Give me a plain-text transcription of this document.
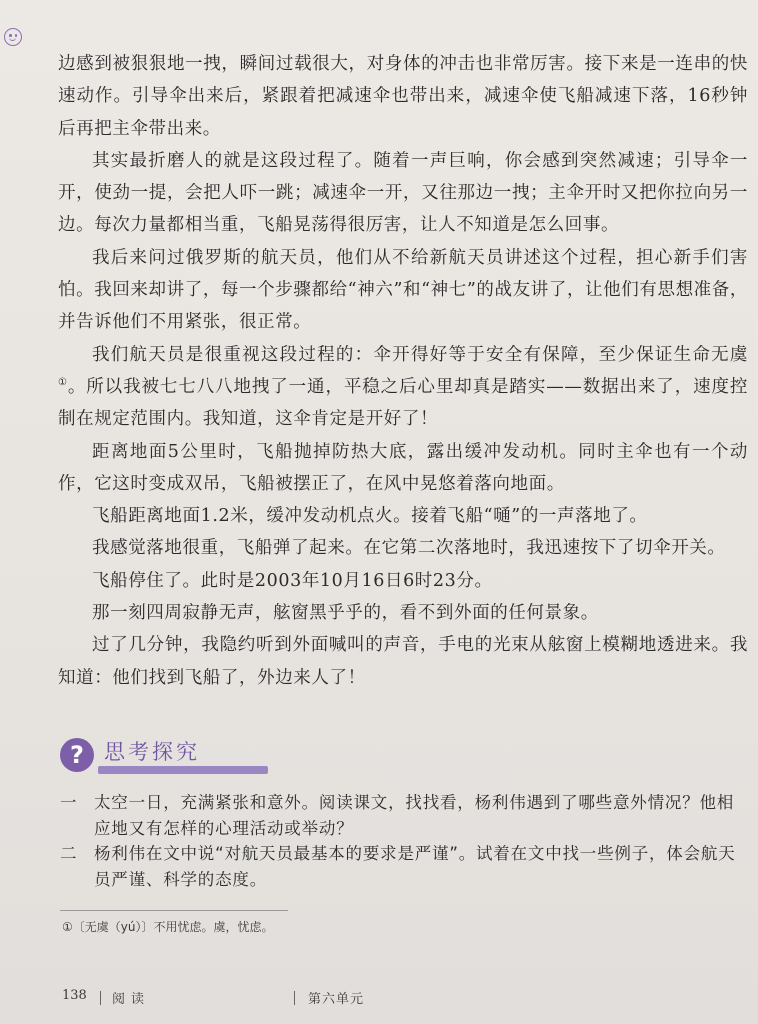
边感到被狠狠地一拽，瞬间过载很大，对身体的冲击也非常厉害。接下来是一连串的快速动作。引导伞出来后，紧跟着把减速伞也带出来，减速伞使飞船减速下落，16秒钟后再把主伞带出来。

其实最折磨人的就是这段过程了。随着一声巨响，你会感到突然减速；引导伞一开，使劲一提，会把人吓一跳；减速伞一开，又往那边一拽；主伞开时又把你拉向另一边。每次力量都相当重，飞船晃荡得很厉害，让人不知道是怎么回事。

我后来问过俄罗斯的航天员，他们从不给新航天员讲述这个过程，担心新手们害怕。我回来却讲了，每一个步骤都给“神六”和“神七”的战友讲了，让他们有思想准备，并告诉他们不用紧张，很正常。

我们航天员是很重视这段过程的：伞开得好等于安全有保障，至少保证生命无虞①。所以我被七七八八地拽了一通，平稳之后心里却真是踏实——数据出来了，速度控制在规定范围内。我知道，这伞肯定是开好了！

距离地面5公里时，飞船抛掉防热大底，露出缓冲发动机。同时主伞也有一个动作，它这时变成双吊，飞船被摆正了，在风中晃悠着落向地面。

飞船距离地面1.2米，缓冲发动机点火。接着飞船“嗵”的一声落地了。

我感觉落地很重，飞船弹了起来。在它第二次落地时，我迅速按下了切伞开关。

飞船停住了。此时是2003年10月16日6时23分。

那一刻四周寂静无声，舷窗黑乎乎的，看不到外面的任何景象。

过了几分钟，我隐约听到外面喊叫的声音，手电的光束从舷窗上模糊地透进来。我知道：他们找到飞船了，外边来人了！

? 思考探究
一 太空一日，充满紧张和意外。阅读课文，找找看，杨利伟遇到了哪些意外情况？他相应地又有怎样的心理活动或举动？
二 杨利伟在文中说“对航天员最基本的要求是严谨”。试着在文中找一些例子，体会航天员严谨、科学的态度。
①〔无虞（yú）〕不用忧虑。虞，忧虑。
138 阅读	第六单元
